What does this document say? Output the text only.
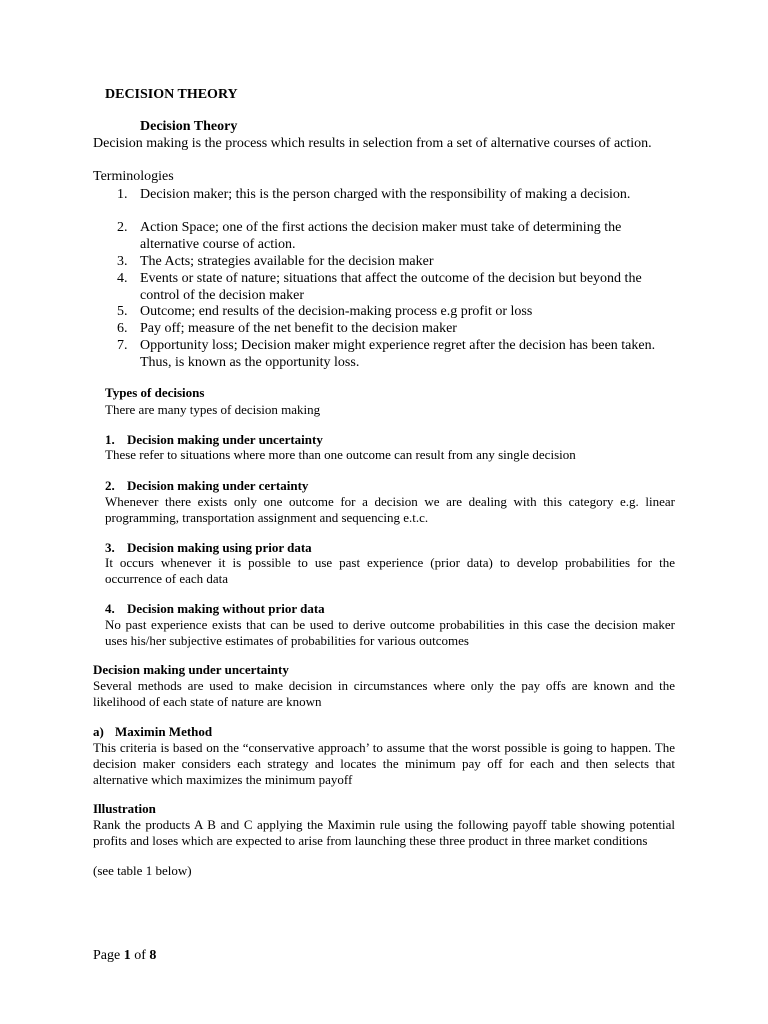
DECISION THEORY
Decision Theory
Decision making is the process which results in selection from a set of alternative courses of action.
Terminologies
1. Decision maker; this is the person charged with the responsibility of making a decision.
2. Action Space; one of the first actions the decision maker must take of determining the alternative course of action.
3. The Acts; strategies available for the decision maker
4. Events or state of nature; situations that affect the outcome of the decision but beyond the control of the decision maker
5. Outcome; end results of the decision-making process e.g profit or loss
6. Pay off; measure of the net benefit to the decision maker
7. Opportunity loss; Decision maker might experience regret after the decision has been taken. Thus, is known as the opportunity loss.
Types of decisions
There are many types of decision making
1. Decision making under uncertainty
These refer to situations where more than one outcome can result from any single decision
2. Decision making under certainty
Whenever there exists only one outcome for a decision we are dealing with this category e.g. linear programming, transportation assignment and sequencing e.t.c.
3. Decision making using prior data
It occurs whenever it is possible to use past experience (prior data) to develop probabilities for the occurrence of each data
4. Decision making without prior data
No past experience exists that can be used to derive outcome probabilities in this case the decision maker uses his/her subjective estimates of probabilities for various outcomes
Decision making under uncertainty
Several methods are used to make decision in circumstances where only the pay offs are known and the likelihood of each state of nature are known
a) Maximin Method
This criteria is based on the “conservative approach’ to assume that the worst possible is going to happen. The decision maker considers each strategy and locates the minimum pay off for each and then selects that alternative which maximizes the minimum payoff
Illustration
Rank the products A B and C applying the Maximin rule using the following payoff table showing potential profits and loses which are expected to arise from launching these three product in three market conditions
(see table 1 below)
Page 1 of 8
